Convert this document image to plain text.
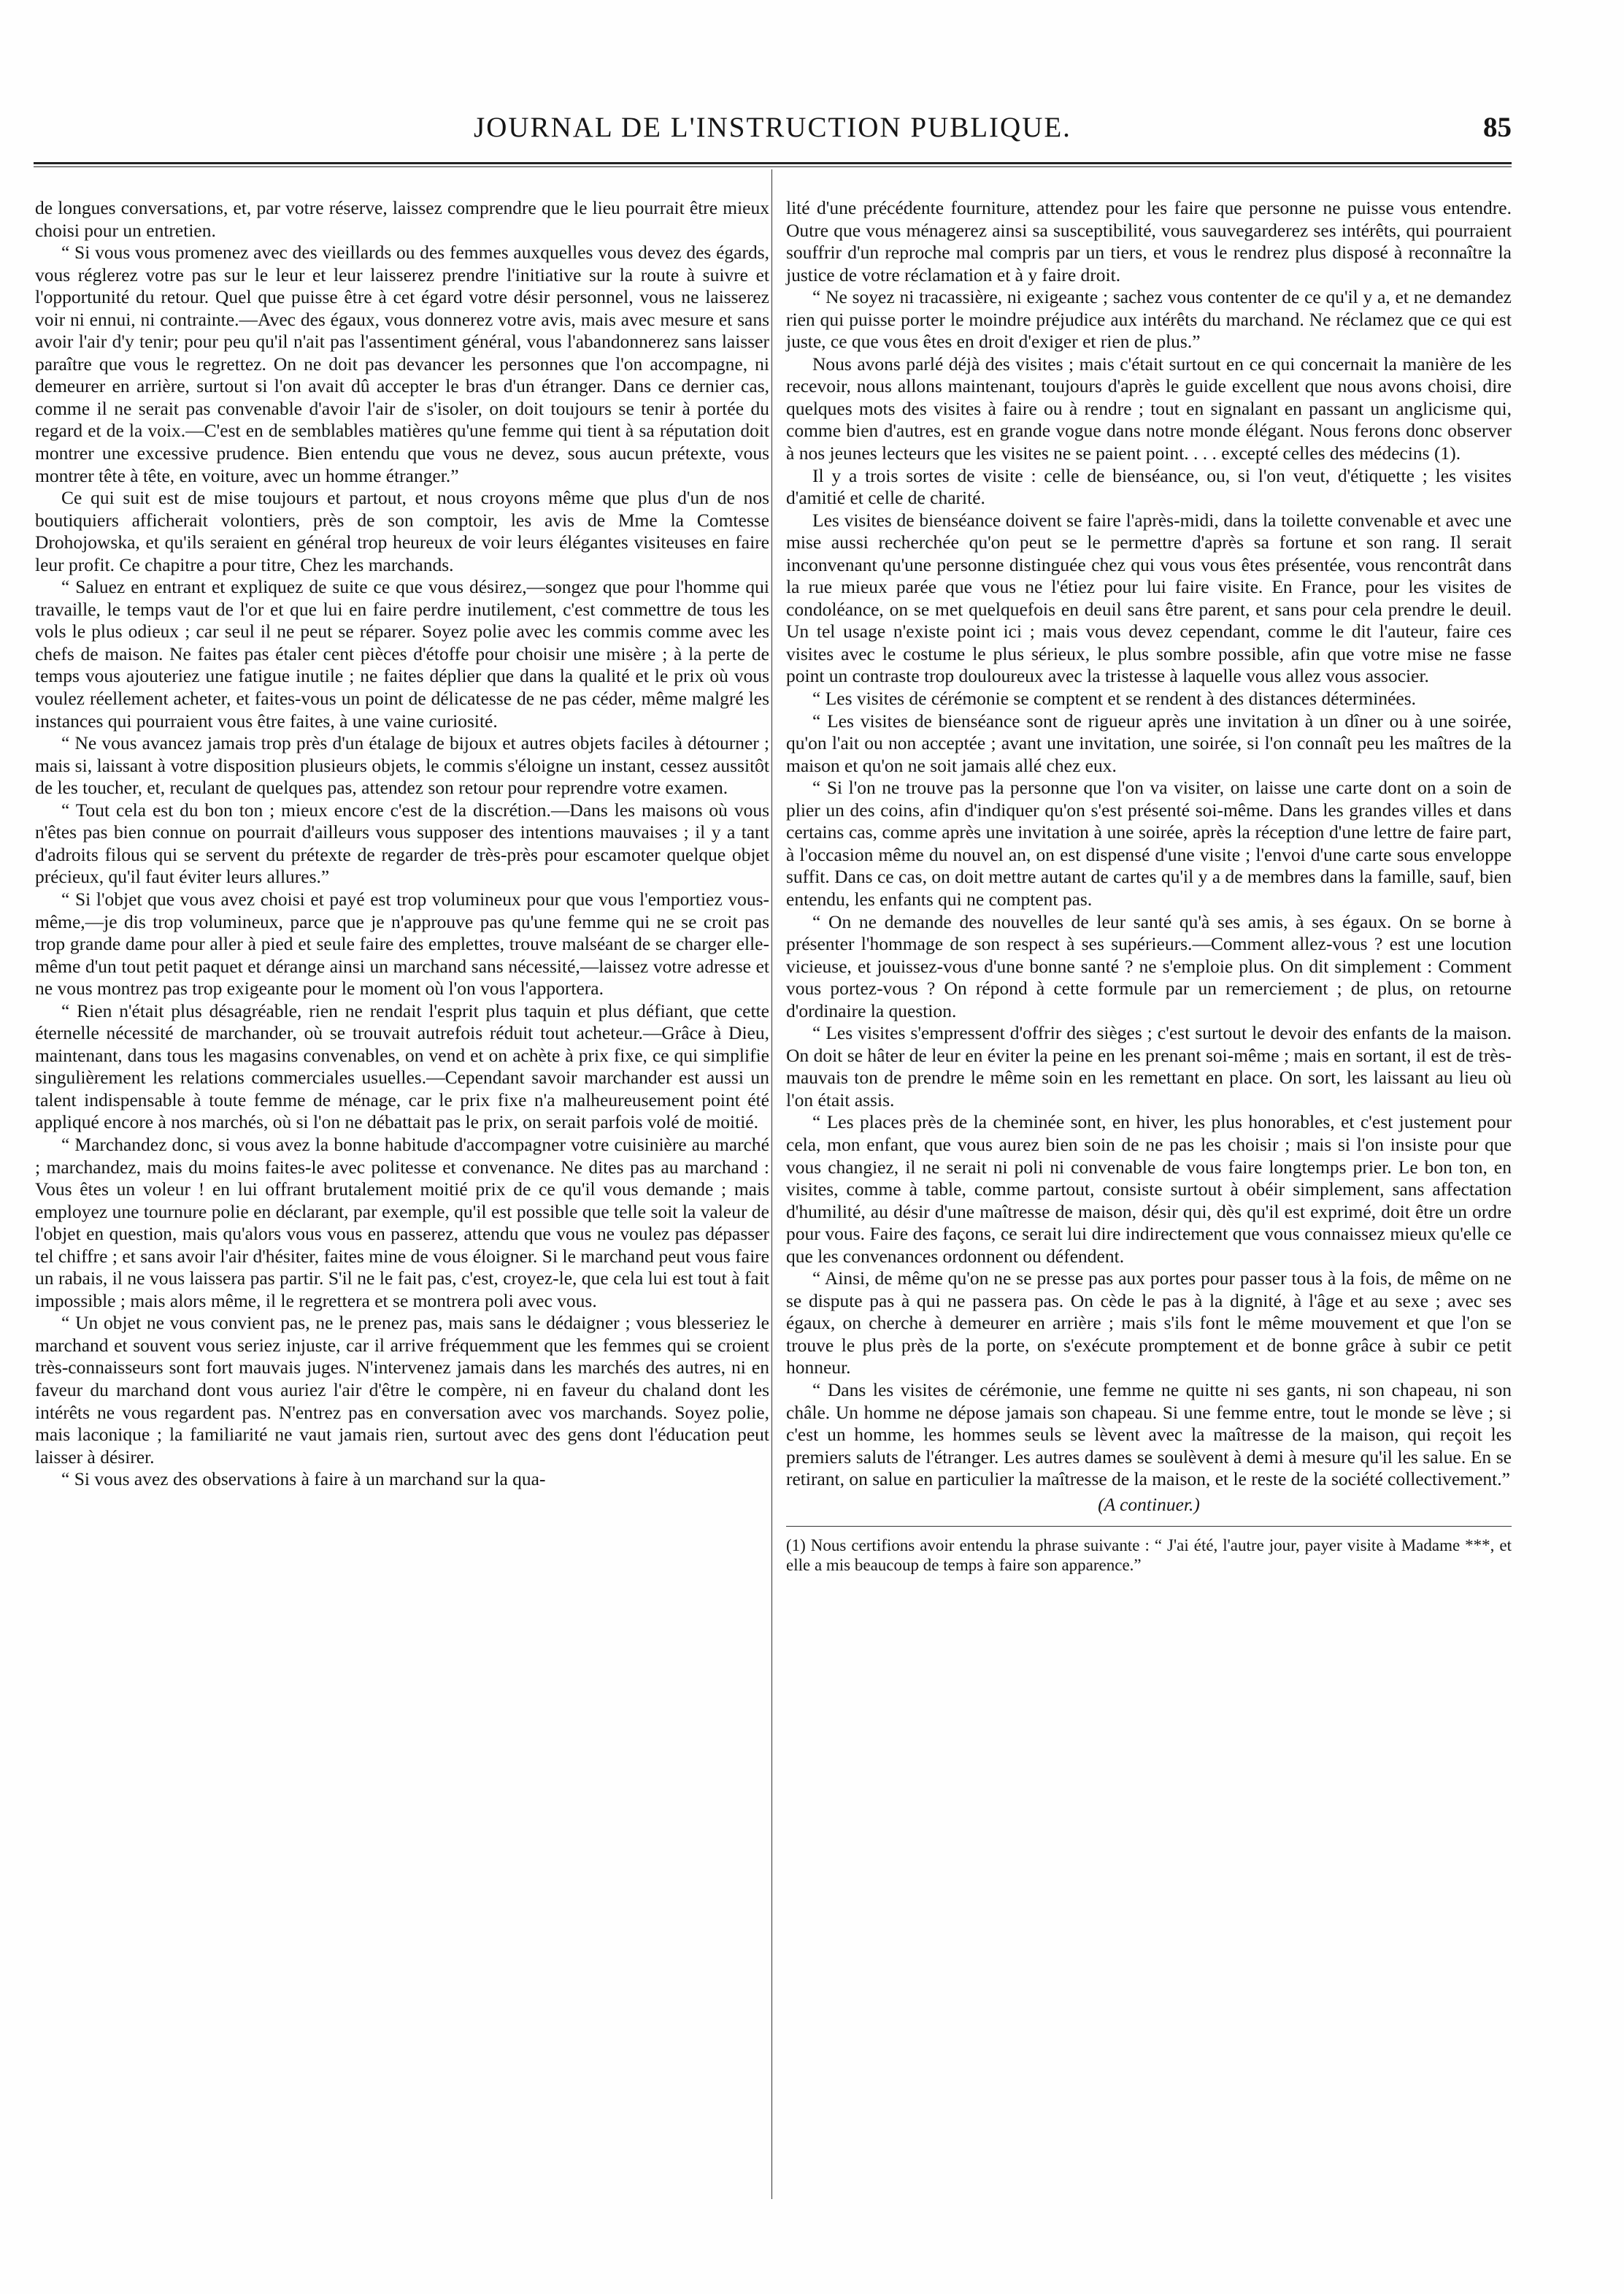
JOURNAL DE L'INSTRUCTION PUBLIQUE.	85

de longues conversations, et, par votre réserve, laissez comprendre que le lieu pourrait être mieux choisi pour un entretien.

“ Si vous vous promenez avec des vieillards ou des femmes auxquelles vous devez des égards, vous réglerez votre pas sur le leur et leur laisserez prendre l'initiative sur la route à suivre et l'opportunité du retour. Quel que puisse être à cet égard votre désir personnel, vous ne laisserez voir ni ennui, ni contrainte.—Avec des égaux, vous donnerez votre avis, mais avec mesure et sans avoir l'air d'y tenir; pour peu qu'il n'ait pas l'assentiment général, vous l'abandonnerez sans laisser paraître que vous le regrettez. On ne doit pas devancer les personnes que l'on accompagne, ni demeurer en arrière, surtout si l'on avait dû accepter le bras d'un étranger. Dans ce dernier cas, comme il ne serait pas convenable d'avoir l'air de s'isoler, on doit toujours se tenir à portée du regard et de la voix.—C'est en de semblables matières qu'une femme qui tient à sa réputation doit montrer une excessive prudence. Bien entendu que vous ne devez, sous aucun prétexte, vous montrer tête à tête, en voiture, avec un homme étranger.”

Ce qui suit est de mise toujours et partout, et nous croyons même que plus d'un de nos boutiquiers afficherait volontiers, près de son comptoir, les avis de Mme la Comtesse Drohojowska, et qu'ils seraient en général trop heureux de voir leurs élégantes visiteuses en faire leur profit. Ce chapitre a pour titre, Chez les marchands.

“ Saluez en entrant et expliquez de suite ce que vous désirez,—songez que pour l'homme qui travaille, le temps vaut de l'or et que lui en faire perdre inutilement, c'est commettre de tous les vols le plus odieux ; car seul il ne peut se réparer. Soyez polie avec les commis comme avec les chefs de maison. Ne faites pas étaler cent pièces d'étoffe pour choisir une misère ; à la perte de temps vous ajouteriez une fatigue inutile ; ne faites déplier que dans la qualité et le prix où vous voulez réellement acheter, et faites-vous un point de délicatesse de ne pas céder, même malgré les instances qui pourraient vous être faites, à une vaine curiosité.

“ Ne vous avancez jamais trop près d'un étalage de bijoux et autres objets faciles à détourner ; mais si, laissant à votre disposition plusieurs objets, le commis s'éloigne un instant, cessez aussitôt de les toucher, et, reculant de quelques pas, attendez son retour pour reprendre votre examen.

“ Tout cela est du bon ton ; mieux encore c'est de la discrétion.—Dans les maisons où vous n'êtes pas bien connue on pourrait d'ailleurs vous supposer des intentions mauvaises ; il y a tant d'adroits filous qui se servent du prétexte de regarder de très-près pour escamoter quelque objet précieux, qu'il faut éviter leurs allures.”

“ Si l'objet que vous avez choisi et payé est trop volumineux pour que vous l'emportiez vous-même,—je dis trop volumineux, parce que je n'approuve pas qu'une femme qui ne se croit pas trop grande dame pour aller à pied et seule faire des emplettes, trouve malséant de se charger elle-même d'un tout petit paquet et dérange ainsi un marchand sans nécessité,—laissez votre adresse et ne vous montrez pas trop exigeante pour le moment où l'on vous l'apportera.

“ Rien n'était plus désagréable, rien ne rendait l'esprit plus taquin et plus défiant, que cette éternelle nécessité de marchander, où se trouvait autrefois réduit tout acheteur.—Grâce à Dieu, maintenant, dans tous les magasins convenables, on vend et on achète à prix fixe, ce qui simplifie singulièrement les relations commerciales usuelles.—Cependant savoir marchander est aussi un talent indispensable à toute femme de ménage, car le prix fixe n'a malheureusement point été appliqué encore à nos marchés, où si l'on ne débattait pas le prix, on serait parfois volé de moitié.

“ Marchandez donc, si vous avez la bonne habitude d'accompagner votre cuisinière au marché ; marchandez, mais du moins faites-le avec politesse et convenance. Ne dites pas au marchand : Vous êtes un voleur ! en lui offrant brutalement moitié prix de ce qu'il vous demande ; mais employez une tournure polie en déclarant, par exemple, qu'il est possible que telle soit la valeur de l'objet en question, mais qu'alors vous vous en passerez, attendu que vous ne voulez pas dépasser tel chiffre ; et sans avoir l'air d'hésiter, faites mine de vous éloigner. Si le marchand peut vous faire un rabais, il ne vous laissera pas partir. S'il ne le fait pas, c'est, croyez-le, que cela lui est tout à fait impossible ; mais alors même, il le regrettera et se montrera poli avec vous.

“ Un objet ne vous convient pas, ne le prenez pas, mais sans le dédaigner ; vous blesseriez le marchand et souvent vous seriez injuste, car il arrive fréquemment que les femmes qui se croient très-connaisseurs sont fort mauvais juges. N'intervenez jamais dans les marchés des autres, ni en faveur du marchand dont vous auriez l'air d'être le compère, ni en faveur du chaland dont les intérêts ne vous regardent pas. N'entrez pas en conversation avec vos marchands. Soyez polie, mais laconique ; la familiarité ne vaut jamais rien, surtout avec des gens dont l'éducation peut laisser à désirer.

“ Si vous avez des observations à faire à un marchand sur la qua-

lité d'une précédente fourniture, attendez pour les faire que personne ne puisse vous entendre. Outre que vous ménagerez ainsi sa susceptibilité, vous sauvegarderez ses intérêts, qui pourraient souffrir d'un reproche mal compris par un tiers, et vous le rendrez plus disposé à reconnaître la justice de votre réclamation et à y faire droit.

“ Ne soyez ni tracassière, ni exigeante ; sachez vous contenter de ce qu'il y a, et ne demandez rien qui puisse porter le moindre préjudice aux intérêts du marchand. Ne réclamez que ce qui est juste, ce que vous êtes en droit d'exiger et rien de plus.”

Nous avons parlé déjà des visites ; mais c'était surtout en ce qui concernait la manière de les recevoir, nous allons maintenant, toujours d'après le guide excellent que nous avons choisi, dire quelques mots des visites à faire ou à rendre ; tout en signalant en passant un anglicisme qui, comme bien d'autres, est en grande vogue dans notre monde élégant. Nous ferons donc observer à nos jeunes lecteurs que les visites ne se paient point. . . . excepté celles des médecins (1).

Il y a trois sortes de visite : celle de bienséance, ou, si l'on veut, d'étiquette ; les visites d'amitié et celle de charité.

Les visites de bienséance doivent se faire l'après-midi, dans la toilette convenable et avec une mise aussi recherchée qu'on peut se le permettre d'après sa fortune et son rang. Il serait inconvenant qu'une personne distinguée chez qui vous vous êtes présentée, vous rencontrât dans la rue mieux parée que vous ne l'étiez pour lui faire visite. En France, pour les visites de condoléance, on se met quelquefois en deuil sans être parent, et sans pour cela prendre le deuil. Un tel usage n'existe point ici ; mais vous devez cependant, comme le dit l'auteur, faire ces visites avec le costume le plus sérieux, le plus sombre possible, afin que votre mise ne fasse point un contraste trop douloureux avec la tristesse à laquelle vous allez vous associer.

“ Les visites de cérémonie se comptent et se rendent à des distances déterminées.

“ Les visites de bienséance sont de rigueur après une invitation à un dîner ou à une soirée, qu'on l'ait ou non acceptée ; avant une invitation, une soirée, si l'on connaît peu les maîtres de la maison et qu'on ne soit jamais allé chez eux.

“ Si l'on ne trouve pas la personne que l'on va visiter, on laisse une carte dont on a soin de plier un des coins, afin d'indiquer qu'on s'est présenté soi-même. Dans les grandes villes et dans certains cas, comme après une invitation à une soirée, après la réception d'une lettre de faire part, à l'occasion même du nouvel an, on est dispensé d'une visite ; l'envoi d'une carte sous enveloppe suffit. Dans ce cas, on doit mettre autant de cartes qu'il y a de membres dans la famille, sauf, bien entendu, les enfants qui ne comptent pas.

“ On ne demande des nouvelles de leur santé qu'à ses amis, à ses égaux. On se borne à présenter l'hommage de son respect à ses supérieurs.—Comment allez-vous ? est une locution vicieuse, et jouissez-vous d'une bonne santé ? ne s'emploie plus. On dit simplement : Comment vous portez-vous ? On répond à cette formule par un remerciement ; de plus, on retourne d'ordinaire la question.

“ Les visites s'empressent d'offrir des sièges ; c'est surtout le devoir des enfants de la maison. On doit se hâter de leur en éviter la peine en les prenant soi-même ; mais en sortant, il est de très-mauvais ton de prendre le même soin en les remettant en place. On sort, les laissant au lieu où l'on était assis.

“ Les places près de la cheminée sont, en hiver, les plus honorables, et c'est justement pour cela, mon enfant, que vous aurez bien soin de ne pas les choisir ; mais si l'on insiste pour que vous changiez, il ne serait ni poli ni convenable de vous faire longtemps prier. Le bon ton, en visites, comme à table, comme partout, consiste surtout à obéir simplement, sans affectation d'humilité, au désir d'une maîtresse de maison, désir qui, dès qu'il est exprimé, doit être un ordre pour vous. Faire des façons, ce serait lui dire indirectement que vous connaissez mieux qu'elle ce que les convenances ordonnent ou défendent.

“ Ainsi, de même qu'on ne se presse pas aux portes pour passer tous à la fois, de même on ne se dispute pas à qui ne passera pas. On cède le pas à la dignité, à l'âge et au sexe ; avec ses égaux, on cherche à demeurer en arrière ; mais s'ils font le même mouvement et que l'on se trouve le plus près de la porte, on s'exécute promptement et de bonne grâce à subir ce petit honneur.

“ Dans les visites de cérémonie, une femme ne quitte ni ses gants, ni son chapeau, ni son châle. Un homme ne dépose jamais son chapeau. Si une femme entre, tout le monde se lève ; si c'est un homme, les hommes seuls se lèvent avec la maîtresse de la maison, qui reçoit les premiers saluts de l'étranger. Les autres dames se soulèvent à demi à mesure qu'il les salue. En se retirant, on salue en particulier la maîtresse de la maison, et le reste de la société collectivement.”

(A continuer.)

(1) Nous certifions avoir entendu la phrase suivante : “ J'ai été, l'autre jour, payer visite à Madame ***, et elle a mis beaucoup de temps à faire son apparence.”
